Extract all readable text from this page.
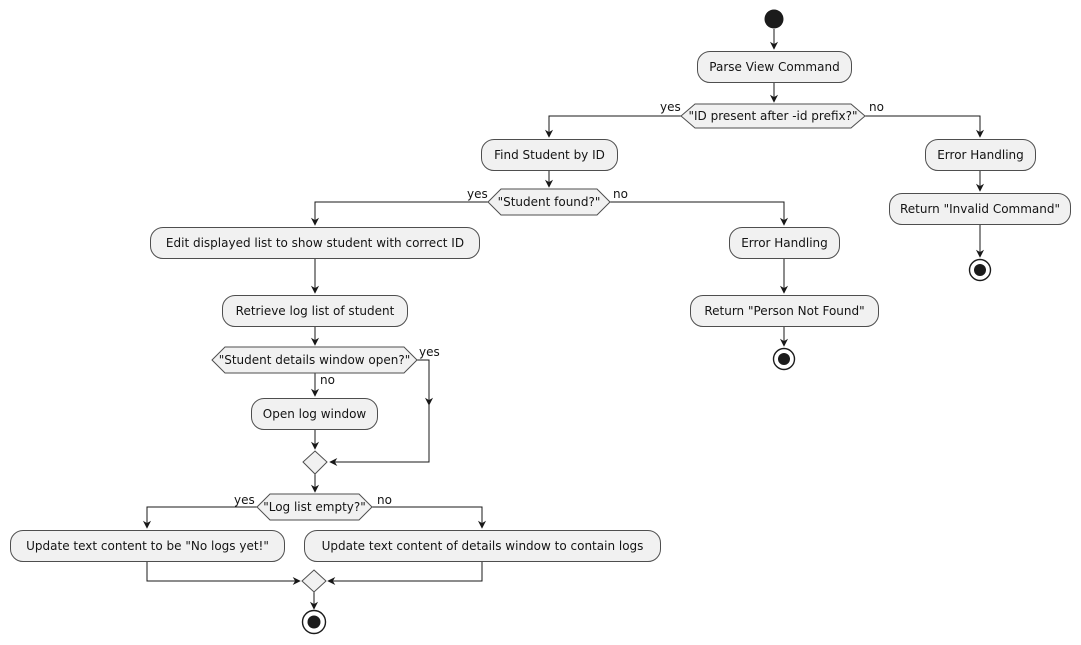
Parse View Command
Find Student by ID	Error Handling
Return "Invalid Command"
Edit displayed list to show student with correct ID	Error Handling
Retrieve log list of student	Return "Person Not Found"
Open log window
Update text content to be "No logs yet!"	Update text content of details window to contain logs
"ID present after -id prefix?"
"Student found?"
"Student details window open?"
"Log list empty?"
yes	no
yes	no
yes
no
yes	no
